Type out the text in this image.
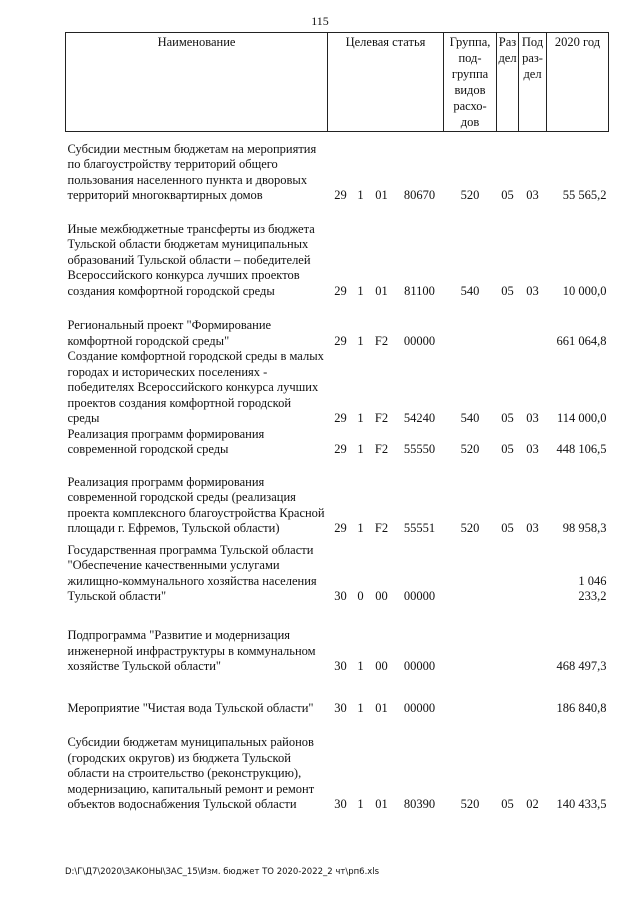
115
Наименование	Целевая статья				Группа, под- группа видов расхо- дов	Раз дел	Под раз- дел	2020 год
Субсидии местным бюджетам на мероприятия по благоустройству территорий общего пользования населенного пункта и дворовых территорий многоквартирных домов	29	1	01	80670	520	05	03	55 565,2
Иные межбюджетные трансферты из бюджета Тульской области бюджетам муниципальных образований Тульской области – победителей Всероссийского конкурса лучших проектов создания комфортной городской среды	29	1	01	81100	540	05	03	10 000,0
Региональный проект "Формирование комфортной городской среды"	29	1	F2	00000				661 064,8
Создание комфортной городской среды в малых городах и исторических поселениях - победителях Всероссийского конкурса лучших проектов создания комфортной городской среды	29	1	F2	54240	540	05	03	114 000,0
Реализация программ формирования современной городской среды	29	1	F2	55550	520	05	03	448 106,5
Реализация программ формирования современной городской среды (реализация проекта комплексного благоустройства Красной площади г. Ефремов, Тульской области)	29	1	F2	55551	520	05	03	98 958,3
Государственная программа Тульской области "Обеспечение качественными услугами жилищно-коммунального хозяйства населения Тульской области"	30	0	00	00000				1 046 233,2
Подпрограмма "Развитие и модернизация инженерной инфраструктуры в коммунальном хозяйстве Тульской области"	30	1	00	00000				468 497,3
Мероприятие "Чистая вода Тульской области"	30	1	01	00000				186 840,8
Субсидии бюджетам муниципальных районов (городских округов) из бюджета Тульской области на строительство (реконструкцию), модернизацию, капитальный ремонт и ремонт объектов водоснабжения Тульской области	30	1	01	80390	520	05	02	140 433,5
D:\Г\Д7\2020\ЗАКОНЫ\ЗАС_15\Изм. бюджет ТО 2020-2022_2 чт\рп6.xls
